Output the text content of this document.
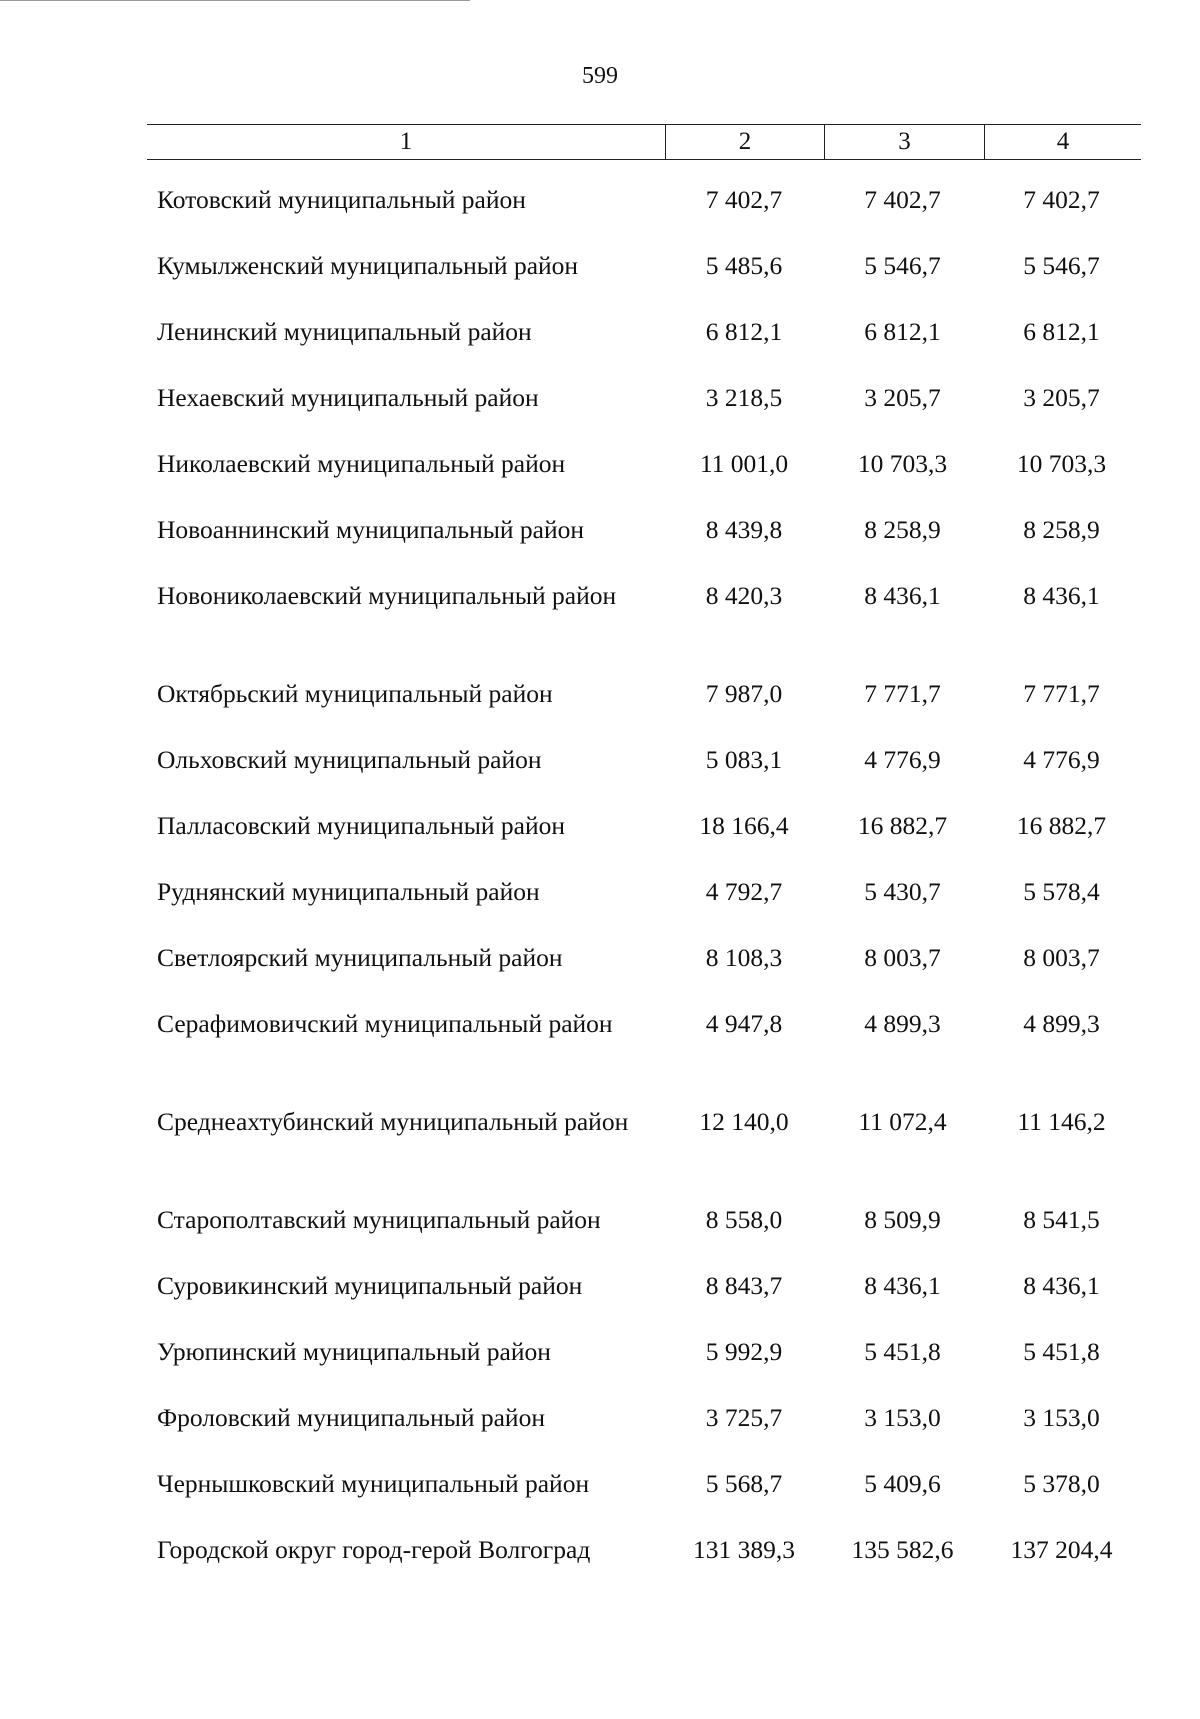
599
1	2	3	4
Котовский муниципальный район	7 402,7	7 402,7	7 402,7
Кумылженский муниципальный район	5 485,6	5 546,7	5 546,7
Ленинский муниципальный район	6 812,1	6 812,1	6 812,1
Нехаевский муниципальный район	3 218,5	3 205,7	3 205,7
Николаевский муниципальный район	11 001,0	10 703,3	10 703,3
Новоаннинский муниципальный район	8 439,8	8 258,9	8 258,9
Новониколаевский муниципальный район	8 420,3	8 436,1	8 436,1
Октябрьский муниципальный район	7 987,0	7 771,7	7 771,7
Ольховский муниципальный район	5 083,1	4 776,9	4 776,9
Палласовский муниципальный район	18 166,4	16 882,7	16 882,7
Руднянский муниципальный район	4 792,7	5 430,7	5 578,4
Светлоярский муниципальный район	8 108,3	8 003,7	8 003,7
Серафимовичский муниципальный район	4 947,8	4 899,3	4 899,3
Среднеахтубинский муниципальный район	12 140,0	11 072,4	11 146,2
Старополтавский муниципальный район	8 558,0	8 509,9	8 541,5
Суровикинский муниципальный район	8 843,7	8 436,1	8 436,1
Урюпинский муниципальный район	5 992,9	5 451,8	5 451,8
Фроловский муниципальный район	3 725,7	3 153,0	3 153,0
Чернышковский муниципальный район	5 568,7	5 409,6	5 378,0
Городской округ город-герой Волгоград	131 389,3	135 582,6	137 204,4
